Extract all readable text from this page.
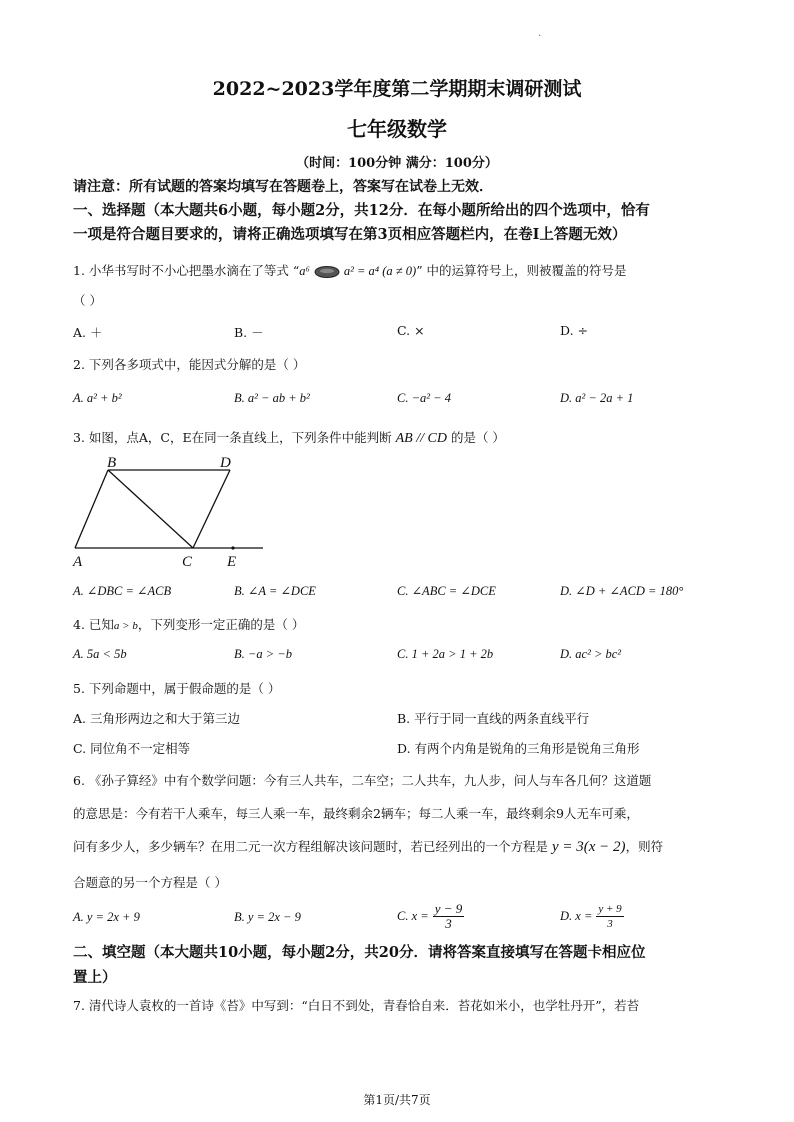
.
2022~2023学年度第二学期期末调研测试
七年级数学
（时间：100分钟 满分：100分）
请注意：所有试题的答案均填写在答题卷上，答案写在试卷上无效．
一、选择题（本大题共6小题，每小题2分，共12分．在每小题所给出的四个选项中，恰有
一项是符合题目要求的，请将正确选项填写在第3页相应答题栏内，在卷Ⅰ上答题无效）
1. 小华书写时不小心把墨水滴在了等式 “a⁶	a² = a⁴ (a ≠ 0)” 中的运算符号上，则被覆盖的符号是
（ ）
A. ＋	B. －	C. ×	D. ÷
2. 下列各多项式中，能因式分解的是（ ）
A. a² + b²	B. a² − ab + b²	C. −a² − 4	D. a² − 2a + 1
3. 如图，点A，C，E在同一条直线上，下列条件中能判断 AB // CD 的是（ ）
B	D
A	C E
A. ∠DBC = ∠ACB	B. ∠A = ∠DCE	C. ∠ABC = ∠DCE	D. ∠D + ∠ACD = 180°
4. 已知a > b，下列变形一定正确的是（ ）
A. 5a < 5b	B. −a > −b	C. 1 + 2a > 1 + 2b	D. ac² > bc²
5. 下列命题中，属于假命题的是（ ）
A. 三角形两边之和大于第三边	B. 平行于同一直线的两条直线平行
C. 同位角不一定相等	D. 有两个内角是锐角的三角形是锐角三角形
6. 《孙子算经》中有个数学问题：今有三人共车，二车空；二人共车，九人步，问人与车各几何？这道题
的意思是：今有若干人乘车，每三人乘一车，最终剩余2辆车；每二人乘一车，最终剩余9人无车可乘，
问有多少人，多少辆车？在用二元一次方程组解决该问题时，若已经列出的一个方程是 y = 3(x − 2)，则符
合题意的另一个方程是（ ）
A. y = 2x + 9	B. y = 2x − 9	C. $x = \frac{y - 9}{3}$	D. $x = \frac{y + 9}{3}$
二、填空题（本大题共10小题，每小题2分，共20分．请将答案直接填写在答题卡相应位
置上）
7. 清代诗人袁枚的一首诗《苔》中写到：“白日不到处，青春恰自来．苔花如米小，也学牡丹开”，若苔
第1页/共7页
